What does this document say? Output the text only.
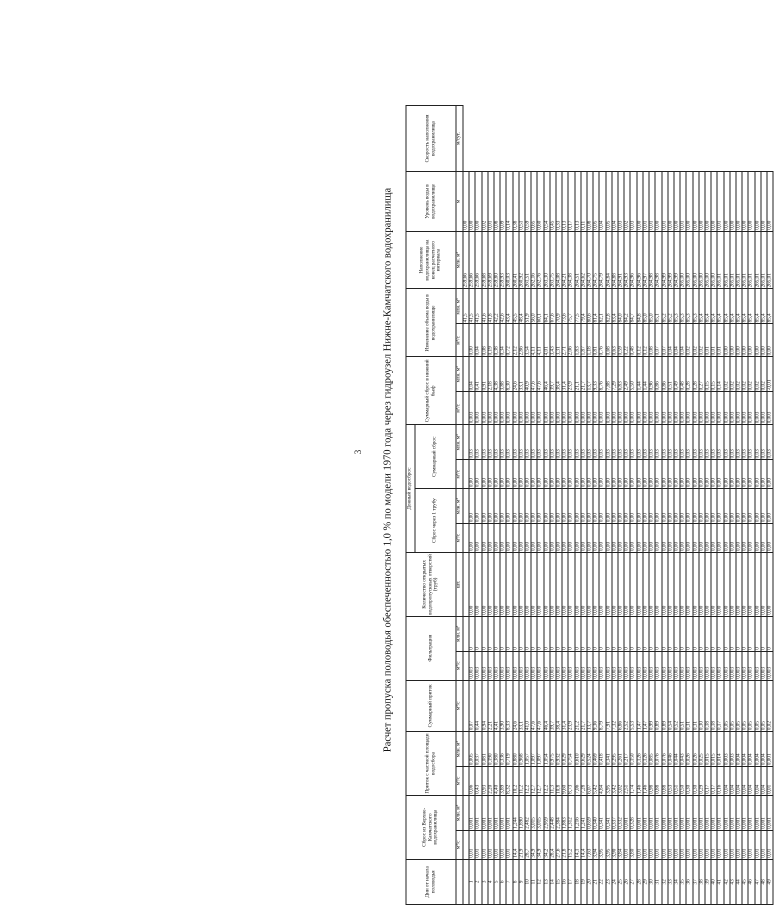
3 Расчет пропуска половодья обеспеченностью 1,0 % по модели 1970 года через гидроузел Нижне-Камчатского водохранилища
Дни от начала половодья	Сброс из Верхне-Камчатского водохранилища		Приток с частной площади водосбора		Суммарный приток	Фильтрация		Количество открытых водопропускных отверстий (труб)	Донный водосброс				Суммарный сброс в нижний бьеф		Изменение объема воды в водохранилище		Наполнение водохранилища на конец расчетного интервала	Уровень воды в водохранилище	Скорость наполнения водохранилища
									Сброс через 1 трубу		Суммарный сброс								
	м³/с	млн. м³	м³/с	млн. м³	м³/с	м³/с	млн. м³	шт.	м³/с	млн. м³	м³/с	млн. м³	м³/с	млн. м³	м³/с	млн. м³	млн. м³	м	м/сут.
																41,5	259,66	0,00	
1	0,01	0,001	0,06	0,005	0,07	0,003	0	0,00	0,00	0,00	0,00	0,03	0,003	0,04	0,00	41,5	259,66	0,00	
2	0,01	0,001	0,43	0,037	0,44	0,003	0	0,00	0,00	0,00	0,00	0,03	0,003	0,41	0,04	41,5	259,66	0,00	
3	0,01	0,001	0,93	0,081	0,94	0,003	0	0,00	0,00	0,00	0,00	0,03	0,003	0,91	0,08	41,6	259,68	0,02	
4	0,01	0,001	2,20	0,190	2,21	0,003	0	0,00	0,00	0,00	0,00	0,03	0,003	2,18	0,19	41,8	259,69	0,01	
5	0,01	0,001	4,40	0,380	4,41	0,003	0	0,00	0,00	0,00	0,00	0,03	0,003	4,38	0,38	42,2	259,80	0,08	
6	0,01	0,001	3,89	0,336	3,90	0,003	0	0,00	0,00	0,00	0,00	0,03	0,003	3,88	0,34	42,6	259,93	0,09	
7	0,01	0,001	8,32	0,719	8,33	0,003	0	0,00	0,00	0,00	0,00	0,03	0,003	8,30	0,72	43,4	260,03	0,14	
8	14,4	1,244	10,2	0,880	24,6	0,003	0	0,00	0,00	0,00	0,00	0,03	0,003	24,6	2,12	45,5	260,41	0,38	
9	21,9	1,890	11,2	0,968	33,1	0,003	0	0,00	0,00	0,00	0,00	0,03	0,003	33,1	2,86	48,4	260,92	0,51	
10	28,7	2,482	12,2	1,057	41,0	0,003	0	0,00	0,00	0,00	0,00	0,03	0,003	40,9	3,54	51,9	261,51	0,59	
11	34,9	3,015	12,7	1,097	47,6	0,003	0	0,00	0,00	0,00	0,00	0,03	0,003	47,6	4,11	56,0	262,16	0,65	
12	34,9	3,015	12,7	1,097	47,6	0,003	0	0,00	0,00	0,00	0,00	0,03	0,003	47,6	4,11	60,1	262,76	0,60	
13	34,2	2,959	12,2	1,054	46,4	0,003	0	0,00	0,00	0,00	0,00	0,03	0,003	46,4	4,01	64,1	263,30	0,54	
14	28,4	2,448	11,3	0,975	39,7	0,003	0	0,00	0,00	0,00	0,00	0,03	0,003	39,7	3,43	67,6	263,75	0,45	
15	27,6	2,384	10,8	0,932	38,4	0,003	0	0,00	0,00	0,00	0,00	0,03	0,003	38,4	3,31	70,9	264,08	0,33	
16	21,8	1,883	9,60	0,829	31,4	0,003	0	0,00	0,00	0,00	0,00	0,03	0,003	31,4	2,71	73,6	264,21	0,13	
17	15,2	1,312	8,73	0,754	23,9	0,003	0	0,00	0,00	0,00	0,00	0,03	0,003	23,9	2,06	75,7	264,38	0,17	
18	14,1	1,216	7,06	0,610	21,2	0,003	0	0,00	0,00	0,00	0,00	0,03	0,003	21,1	1,83	77,5	264,51	0,13	
19	14,4	1,241	7,28	0,629	21,7	0,003	0	0,00	0,00	0,00	0,00	0,03	0,003	21,7	1,87	79,4	264,62	0,11	
20	7,63	0,659	6,07	0,524	13,7	0,003	0	0,00	0,00	0,00	0,00	0,03	0,003	13,7	1,18	80,6	264,70	0,08	
21	3,94	0,340	5,42	0,469	9,36	0,003	0	0,00	0,00	0,00	0,00	0,03	0,003	9,33	0,81	81,4	264,75	0,05	
22	3,95	0,341	4,84	0,418	8,79	0,003	0	0,00	0,00	0,00	0,00	0,03	0,003	8,76	0,76	82,1	264,79	0,04	
23	3,95	0,341	3,95	0,341	7,91	0,003	0	0,00	0,00	0,00	0,00	0,03	0,003	7,88	0,68	82,8	264,84	0,05	
24	3,90	0,337	3,42	0,295	7,32	0,003	0	0,00	0,00	0,00	0,00	0,03	0,003	7,29	0,63	83,4	264,88	0,04	
25	3,84	0,332	3,02	0,261	6,86	0,003	0	0,00	0,00	0,00	0,00	0,03	0,003	6,83	0,59	84,0	264,91	0,03	
26	0,01	0,001	2,51	0,217	2,52	0,003	0	0,00	0,00	0,00	0,00	0,03	0,003	2,49	0,22	84,2	264,93	0,02	
27	3,80	0,328	1,74	0,150	5,53	0,003	0	0,00	0,00	0,00	0,00	0,03	0,003	5,50	0,48	84,7	264,96	0,03	
28	0,01	0,001	1,46	0,126	1,47	0,003	0	0,00	0,00	0,00	0,00	0,03	0,003	1,44	0,12	84,8	264,96	0,00	
29	0,01	0,001	1,46	0,126	1,47	0,003	0	0,00	0,00	0,00	0,00	0,03	0,003	1,44	0,12	85,0	264,97	0,01	
30	0,01	0,001	0,98	0,085	0,99	0,003	0	0,00	0,00	0,00	0,00	0,03	0,003	0,96	0,08	85,0	264,98	0,01	
31	0,01	0,001	0,88	0,076	0,89	0,003	0	0,00	0,00	0,00	0,00	0,03	0,003	0,86	0,07	85,1	264,98	0,00	
32	0,01	0,001	0,88	0,076	0,89	0,003	0	0,00	0,00	0,00	0,00	0,03	0,003	0,86	0,07	85,2	264,99	0,01	
33	0,01	0,001	0,53	0,046	0,54	0,003	0	0,00	0,00	0,00	0,00	0,03	0,003	0,51	0,04	85,2	264,99	0,00	
34	0,01	0,001	0,51	0,044	0,52	0,003	0	0,00	0,00	0,00	0,00	0,03	0,003	0,49	0,04	85,3	264,99	0,00	
35	0,01	0,001	0,50	0,043	0,51	0,003	0	0,00	0,00	0,00	0,00	0,03	0,003	0,48	0,04	85,3	265,00	0,01	
36	0,01	0,001	0,30	0,026	0,31	0,003	0	0,00	0,00	0,00	0,00	0,03	0,003	0,28	0,02	85,3	265,00	0,00	
37	0,01	0,001	0,30	0,026	0,31	0,003	0	0,00	0,00	0,00	0,00	0,03	0,003	0,28	0,02	85,3	265,00	0,00	
38	0,01	0,001	0,29	0,025	0,30	0,003	0	0,00	0,00	0,00	0,00	0,03	0,003	0,27	0,02	85,4	265,00	0,00	
39	0,01	0,001	0,17	0,015	0,18	0,003	0	0,00	0,00	0,00	0,00	0,03	0,003	0,15	0,01	85,4	265,00	0,00	
40	0,01	0,001	0,17	0,015	0,18	0,003	0	0,00	0,00	0,00	0,00	0,03	0,003	0,15	0,01	85,4	265,00	0,00	
41	0,01	0,001	0,16	0,014	0,17	0,003	0	0,00	0,00	0,00	0,00	0,03	0,003	0,14	0,01	85,4	265,01	0,01	
42	0,01	0,001	0,04	0,003	0,05	0,003	0	0,00	0,00	0,00	0,00	0,03	0,003	0,02	0,00	85,4	265,01	0,00	
43	0,01	0,001	0,04	0,003	0,05	0,003	0	0,00	0,00	0,00	0,00	0,03	0,003	0,02	0,00	85,4	265,01	0,00	
44	0,01	0,001	0,04	0,004	0,05	0,003	0	0,00	0,00	0,00	0,00	0,03	0,003	0,02	0,00	85,4	265,01	0,00	
45	0,01	0,001	0,04	0,004	0,05	0,003	0	0,00	0,00	0,00	0,00	0,03	0,003	0,02	0,00	85,4	265,01	0,00	
46	0,01	0,001	0,04	0,004	0,05	0,003	0	0,00	0,00	0,00	0,00	0,03	0,003	0,02	0,00	85,4	265,01	0,00	
47	0,01	0,001	0,04	0,004	0,05	0,003	0	0,00	0,00	0,00	0,00	0,03	0,003	0,02	0,00	85,4	265,01	0,00	
48	0,01	0,001	0,04	0,004	0,05	0,003	0	0,00	0,00	0,00	0,00	0,03	0,003	0,02	0,00	85,4	265,01	0,00	
49	0,01	0,001	0,01	0,001	0,02	0,003	0	0,00	0,00	0,00	0,00	0,03	0,003	-0,01	0,00	85,4	265,01	0,00	
